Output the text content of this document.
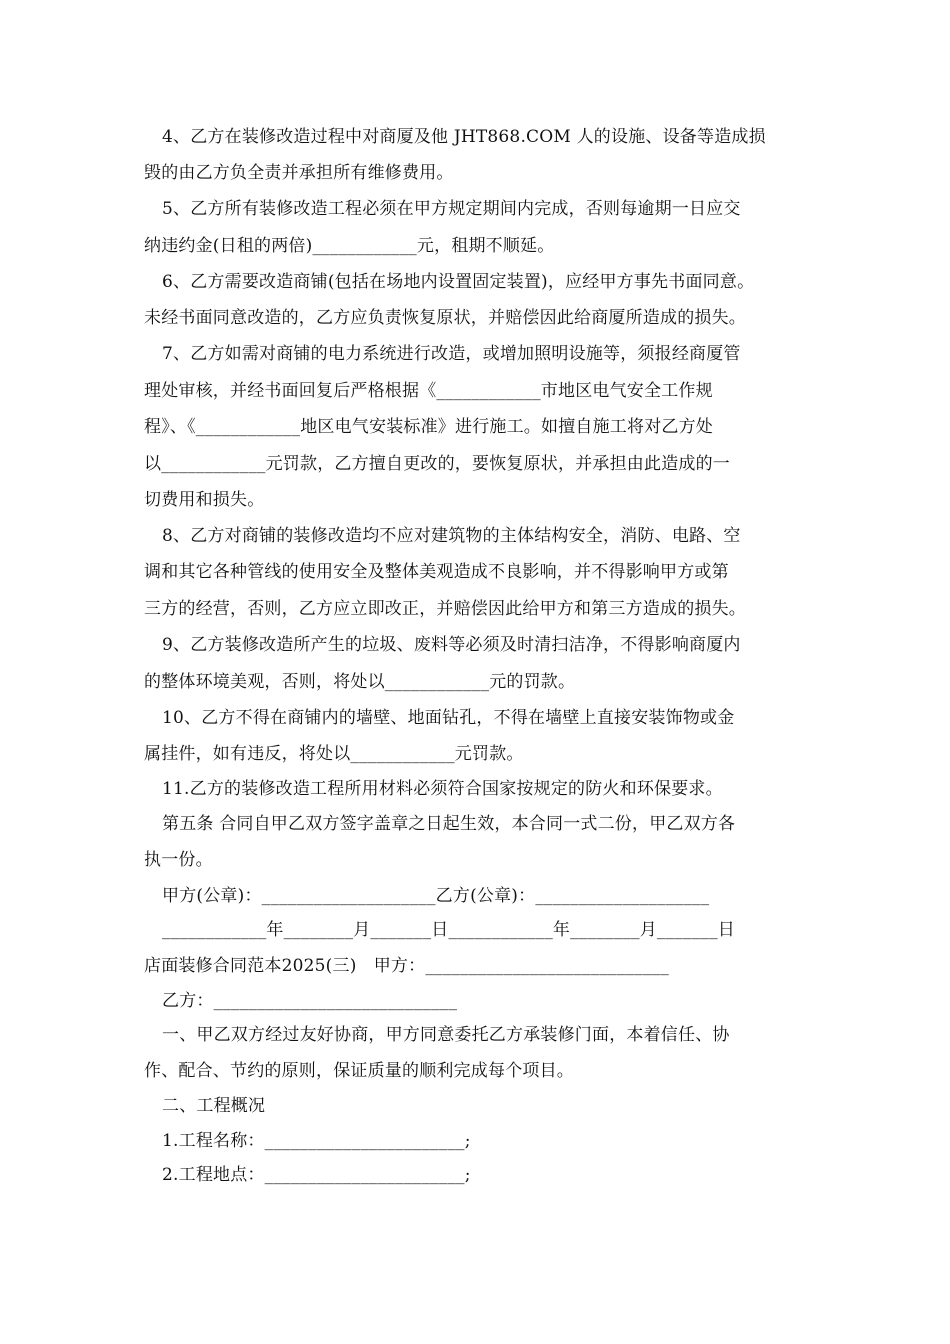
4、乙方在装修改造过程中对商厦及他 JHT868.COM 人的设施、设备等造成损
毁的由乙方负全责并承担所有维修费用。
5、乙方所有装修改造工程必须在甲方规定期间内完成，否则每逾期一日应交
纳违约金(日租的两倍)____________元，租期不顺延。
6、乙方需要改造商铺(包括在场地内设置固定装置)，应经甲方事先书面同意。
未经书面同意改造的，乙方应负责恢复原状，并赔偿因此给商厦所造成的损失。
7、乙方如需对商铺的电力系统进行改造，或增加照明设施等，须报经商厦管
理处审核，并经书面回复后严格根据《____________市地区电气安全工作规
程》、《____________地区电气安装标准》进行施工。如擅自施工将对乙方处
以____________元罚款，乙方擅自更改的，要恢复原状，并承担由此造成的一
切费用和损失。
8、乙方对商铺的装修改造均不应对建筑物的主体结构安全，消防、电路、空
调和其它各种管线的使用安全及整体美观造成不良影响，并不得影响甲方或第
三方的经营，否则，乙方应立即改正，并赔偿因此给甲方和第三方造成的损失。
9、乙方装修改造所产生的垃圾、废料等必须及时清扫洁净，不得影响商厦内
的整体环境美观，否则，将处以____________元的罚款。
10、乙方不得在商铺内的墙壁、地面钻孔，不得在墙壁上直接安装饰物或金
属挂件，如有违反，将处以____________元罚款。
11.乙方的装修改造工程所用材料必须符合国家按规定的防火和环保要求。
第五条 合同自甲乙双方签字盖章之日起生效，本合同一式二份，甲乙双方各
执一份。
甲方(公章)：____________________乙方(公章)：____________________
____________年________月_______日____________年________月_______日
店面装修合同范本2025(三)　甲方：____________________________
乙方：____________________________
一、甲乙双方经过友好协商，甲方同意委托乙方承装修门面，本着信任、协
作、配合、节约的原则，保证质量的顺利完成每个项目。
二、工程概况
1.工程名称：_______________________;
2.工程地点：_______________________;
